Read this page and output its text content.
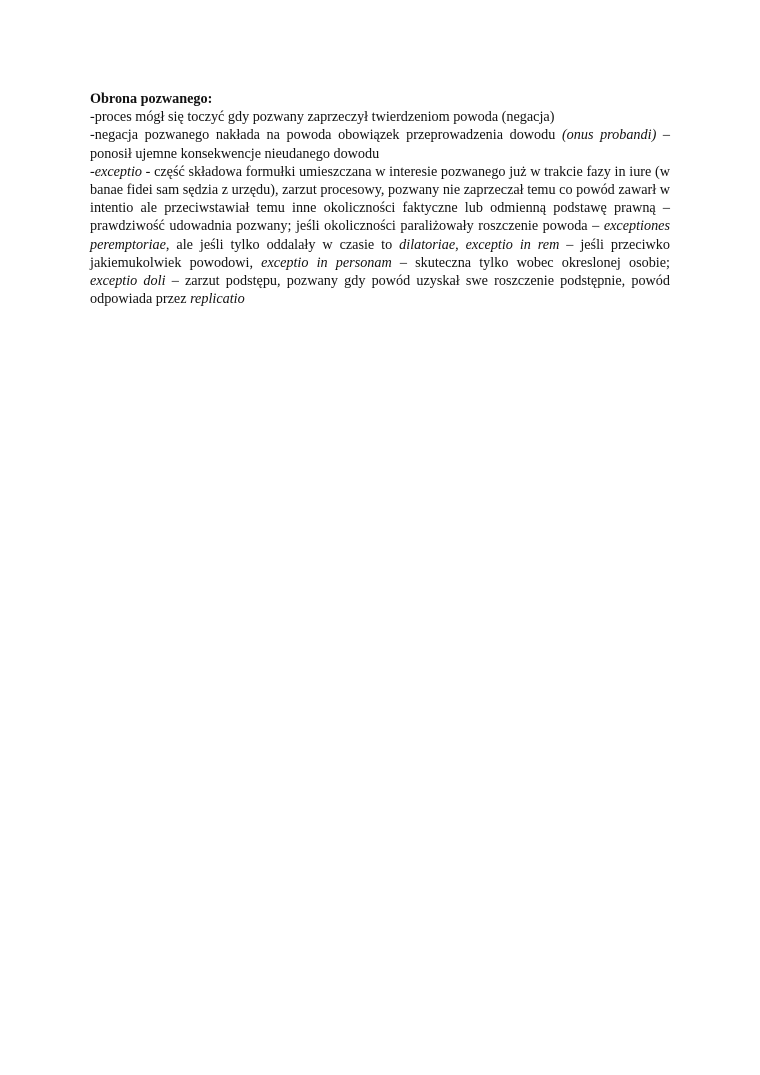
Obrona pozwanego:

-proces mógł się toczyć gdy pozwany zaprzeczył twierdzeniom powoda (negacja)

-negacja pozwanego nakłada na powoda obowiązek przeprowadzenia dowodu (onus probandi) – ponosił ujemne konsekwencje nieudanego dowodu

-exceptio - część składowa formułki umieszczana w interesie pozwanego już w trakcie fazy in iure (w banae fidei sam sędzia z urzędu), zarzut procesowy, pozwany nie zaprzeczał temu co powód zawarł w intentio ale przeciwstawiał temu inne okoliczności faktyczne lub odmienną podstawę prawną – prawdziwość udowadnia pozwany; jeśli okoliczności paraliżowały roszczenie powoda – exceptiones peremptoriae, ale jeśli tylko oddalały w czasie to dilatoriae, exceptio in rem – jeśli przeciwko jakiemukolwiek powodowi, exceptio in personam – skuteczna tylko wobec okreslonej osobie; exceptio doli – zarzut podstępu, pozwany gdy powód uzyskał swe roszczenie podstępnie, powód odpowiada przez replicatio
